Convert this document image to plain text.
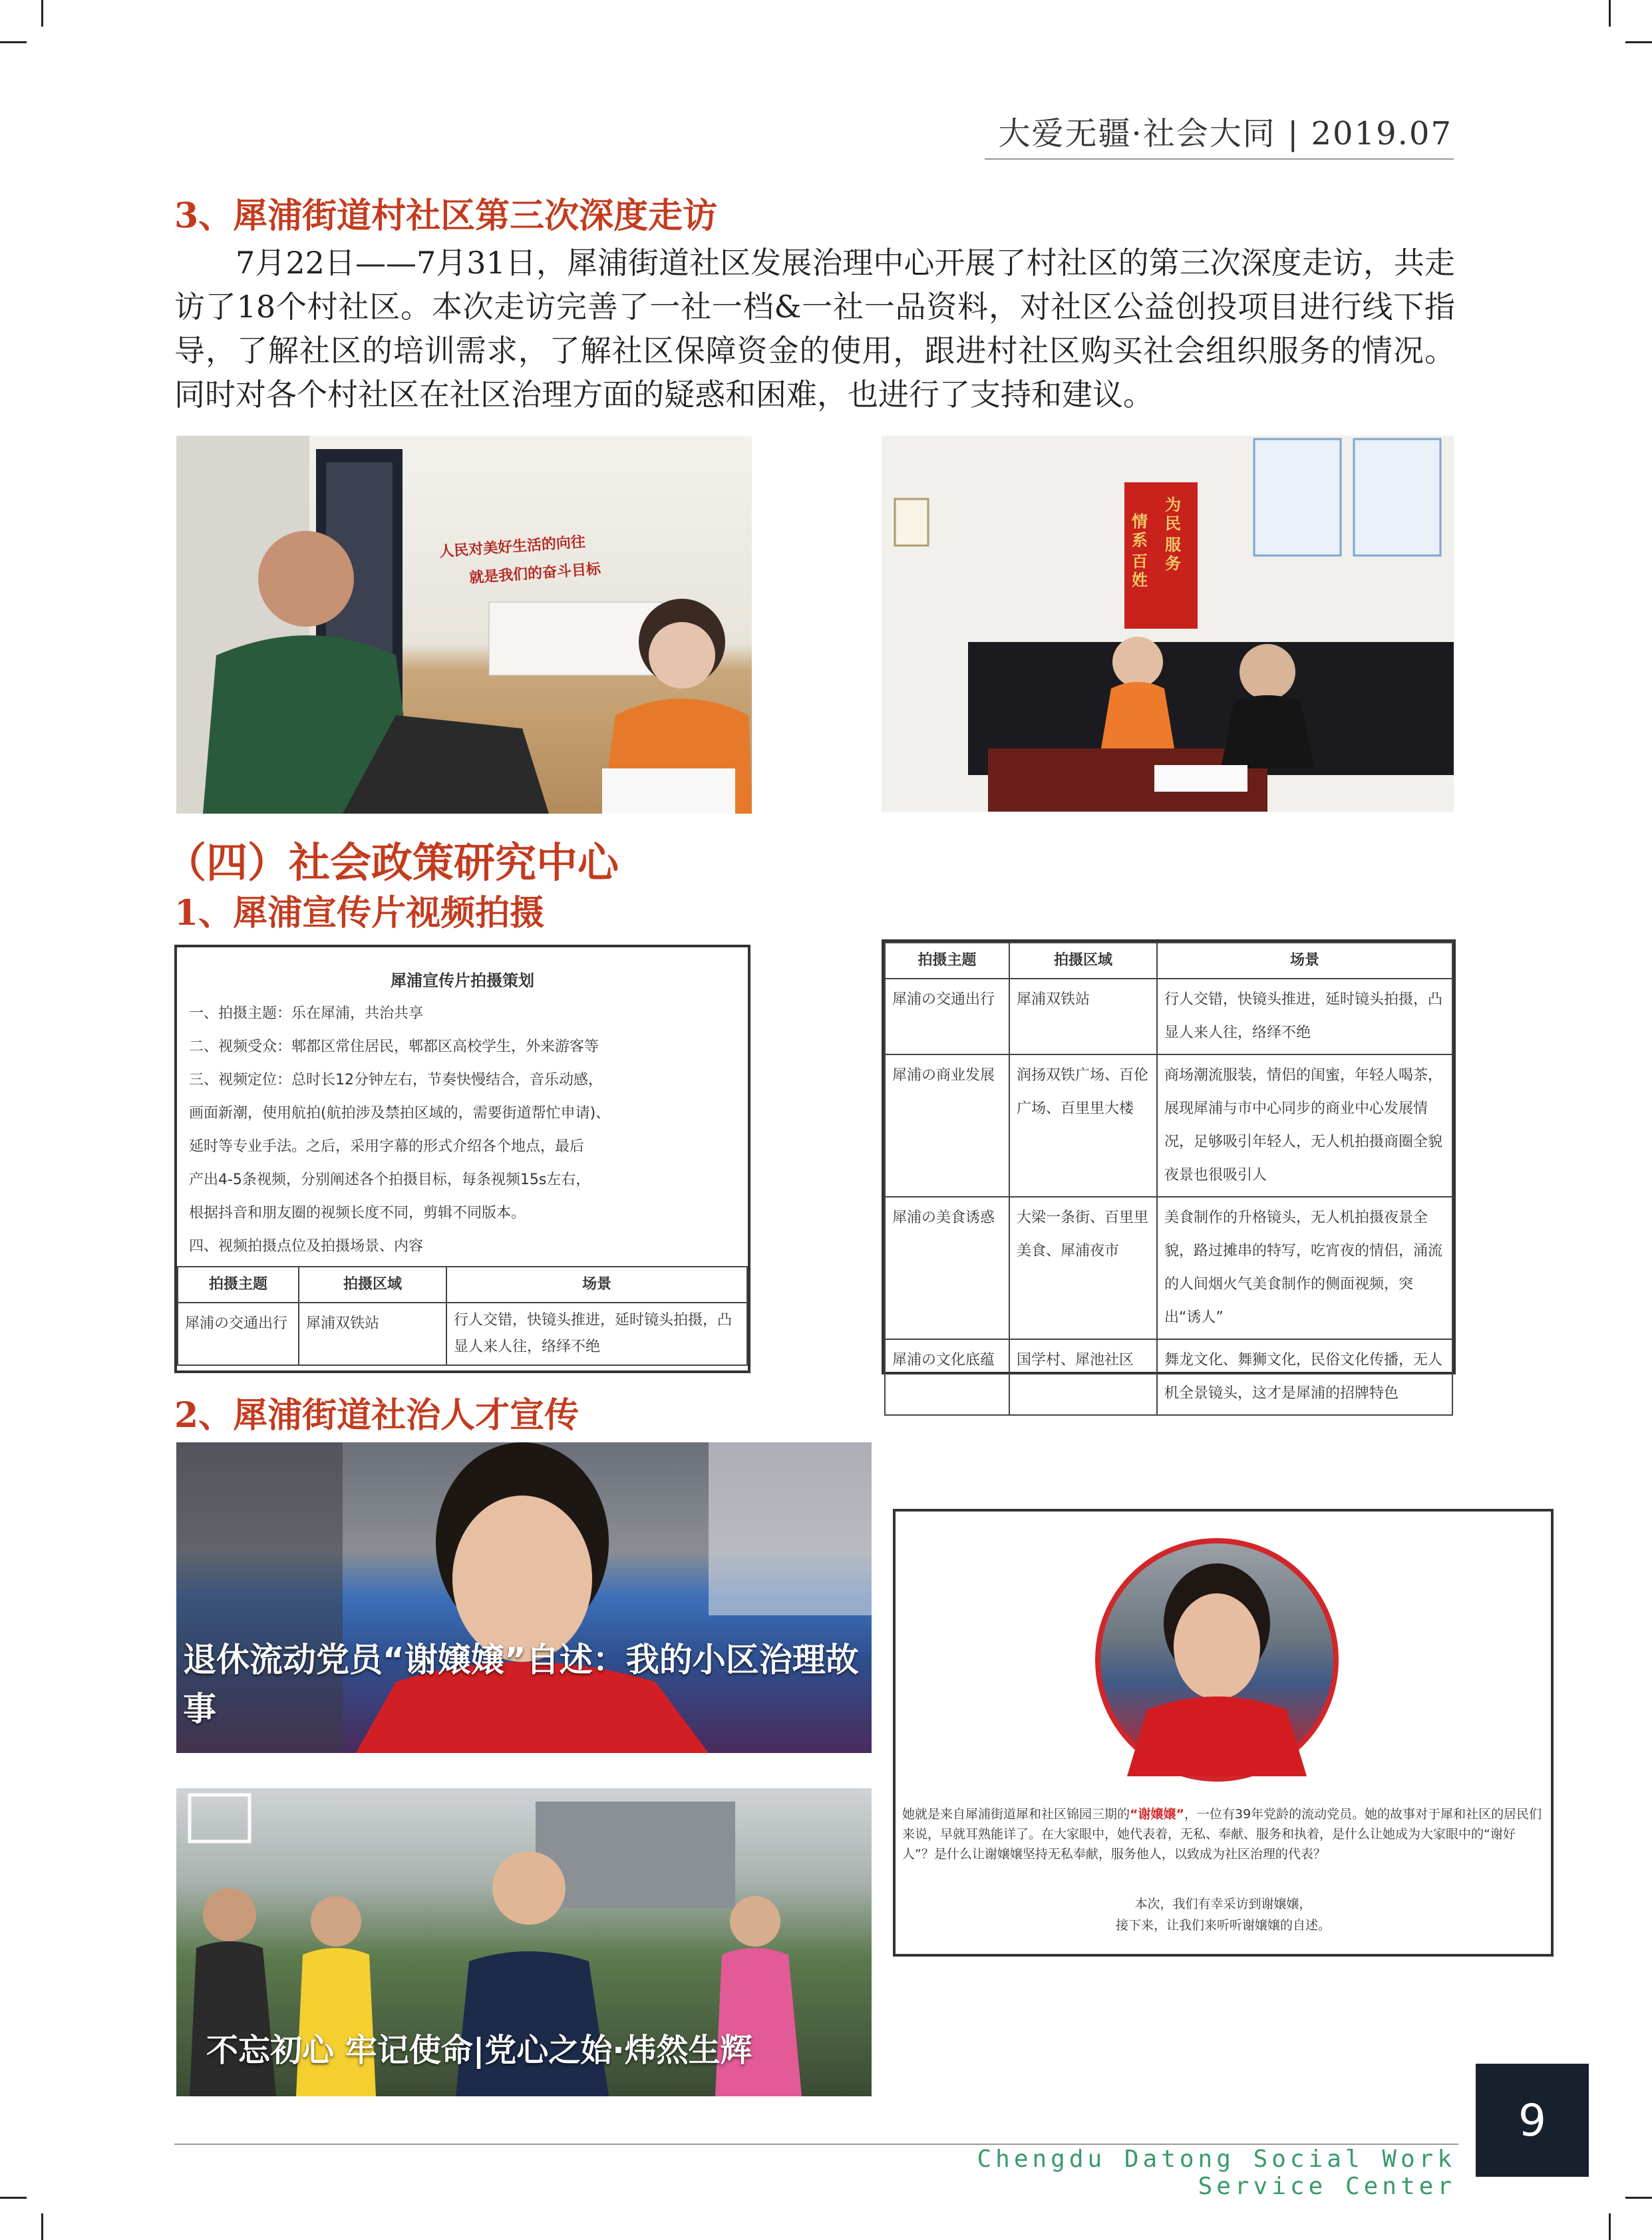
大爱无疆·社会大同 | 2019.07
3、犀浦街道村社区第三次深度走访
7月22日——7月31日，犀浦街道社区发展治理中心开展了村社区的第三次深度走访，共走访了18个村社区。本次走访完善了一社一档&一社一品资料，对社区公益创投项目进行线下指导，了解社区的培训需求，了解社区保障资金的使用，跟进村社区购买社会组织服务的情况。同时对各个村社区在社区治理方面的疑惑和困难，也进行了支持和建议。
人民对美好生活的向往
就是我们的奋斗目标
情系
为民
百姓
服务
（四）社会政策研究中心
1、犀浦宣传片视频拍摄
犀浦宣传片拍摄策划
一、拍摄主题：乐在犀浦，共治共享
二、视频受众：郫都区常住居民，郫都区高校学生，外来游客等
三、视频定位：总时长12分钟左右，节奏快慢结合，音乐动感，
画面新潮，使用航拍(航拍涉及禁拍区域的，需要街道帮忙申请)、
延时等专业手法。之后，采用字幕的形式介绍各个地点，最后
产出4-5条视频，分别阐述各个拍摄目标，每条视频15s左右，
根据抖音和朋友圈的视频长度不同，剪辑不同版本。
四、视频拍摄点位及拍摄场景、内容
拍摄主题	拍摄区域	场景
犀浦の交通出行	犀浦双铁站	行人交错，快镜头推进，延时镜头拍摄，凸显人来人往，络绎不绝
拍摄主题	拍摄区域	场景
犀浦の交通出行	犀浦双铁站	行人交错，快镜头推进，延时镜头拍摄，凸显人来人往，络绎不绝
犀浦の商业发展	润扬双铁广场、百伦广场、百里里大楼	商场潮流服装，情侣的闺蜜，年轻人喝茶，展现犀浦与市中心同步的商业中心发展情况，足够吸引年轻人，无人机拍摄商圈全貌夜景也很吸引人
犀浦の美食诱惑	大梁一条街、百里里美食、犀浦夜市	美食制作的升格镜头，无人机拍摄夜景全貌，路过摊串的特写，吃宵夜的情侣，涌流的人间烟火气美食制作的侧面视频，突出“诱人”
犀浦の文化底蕴	国学村、犀池社区	舞龙文化、舞狮文化，民俗文化传播，无人机全景镜头，这才是犀浦的招牌特色
2、犀浦街道社治人才宣传
退休流动党员“谢嬢嬢”自述：我的小区治理故事
不忘初心 牢记使命|党心之始·炜然生辉
她就是来自犀浦街道犀和社区锦园三期的“谢嬢嬢”，一位有39年党龄的流动党员。她的故事对于犀和社区的居民们来说，早就耳熟能详了。在大家眼中，她代表着，无私、奉献、服务和执着，是什么让她成为大家眼中的“谢好人”？是什么让谢嬢嬢坚持无私奉献，服务他人，以致成为社区治理的代表？
本次，我们有幸采访到谢嬢嬢，
接下来，让我们来听听谢嬢嬢的自述。
Chengdu Datong Social Work Service Center
9
